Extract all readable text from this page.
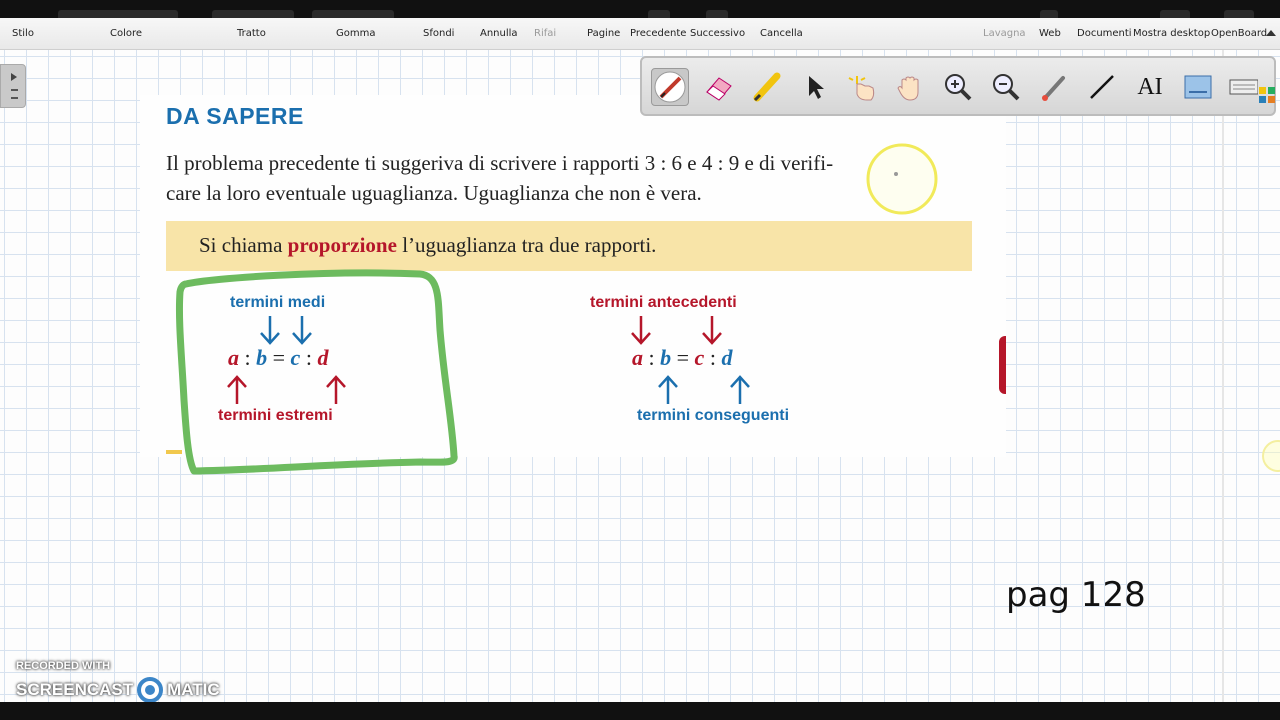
Stilo	Colore	Tratto	Gomma	Sfondi	Annulla Rifai	Pagine Precedente Successivo Cancella	Lavagna Web Documenti Mostra desktop OpenBoard
DA SAPERE
Il problema precedente ti suggeriva di scrivere i rapporti 3 : 6 e 4 : 9 e di verifi-
care la loro eventuale uguaglianza. Uguaglianza che non è vera.
Si chiama proporzione l’uguaglianza tra due rapporti.
termini medi
a : b = c : d
termini estremi
termini antecedenti
a : b = c : d
termini conseguenti
pag 128
AI
RECORDED WITH
SCREENCAST MATIC
